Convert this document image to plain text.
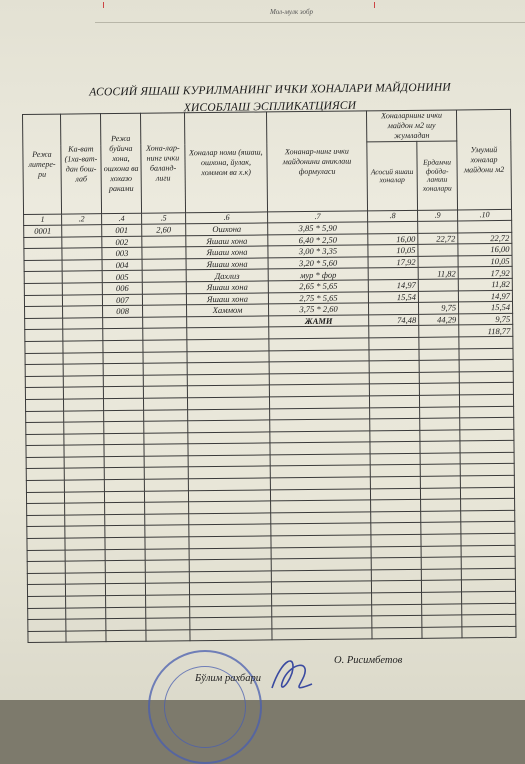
Мол-мулк зобр
АСОСИЙ ЯШАШ КУРИЛМАНИНГ ИЧКИ ХОНАЛАРИ МАЙДОНИНИ
ХИСОБЛАШ ЭСПЛИКАТЦИЯСИ
Режа литере-ри	Ка-ват (1ха-ват-дан бош-лаб	Режа буйича хона, ошхона ва хохазо раками	Хона-лар-нинг ички баланд-лиги	Хоналар номи (яшаш, ошхона, йулак, хоммом ва х.к)	Хонанар-нинг ички майдонини аниклаш формуласи	Хоналарнинг ички майдон м2 шу жумладан		Умумий хоналар майдони м2
						Асосий яшаш хоналар	Ердамчи фойда-ланиш хоналари	
1	.2	.4	.5	.6	.7	.8	.9	.10
0001		001	2,60	Ошхона	3,85 * 5,90			
		002		Яшаш хона	6,40 * 2,50	16,00	22,72	22,72
		003		Яшаш хона	3,00 * 3,35	10,05		16,00
		004		Яшаш хона	3,20 * 5,60	17,92		10,05
		005		Дахлиз	мур * фор		11,82	17,92
		006		Яшаш хона	2,65 * 5,65	14,97		11,82
		007		Яшаш хона	2,75 * 5,65	15,54		14,97
		008		Хаммом	3,75 * 2,60		9,75	15,54
					ЖАМИ	74,48	44,29	9,75
								118,77

Бўлим рахбари
О. Рисимбетов
